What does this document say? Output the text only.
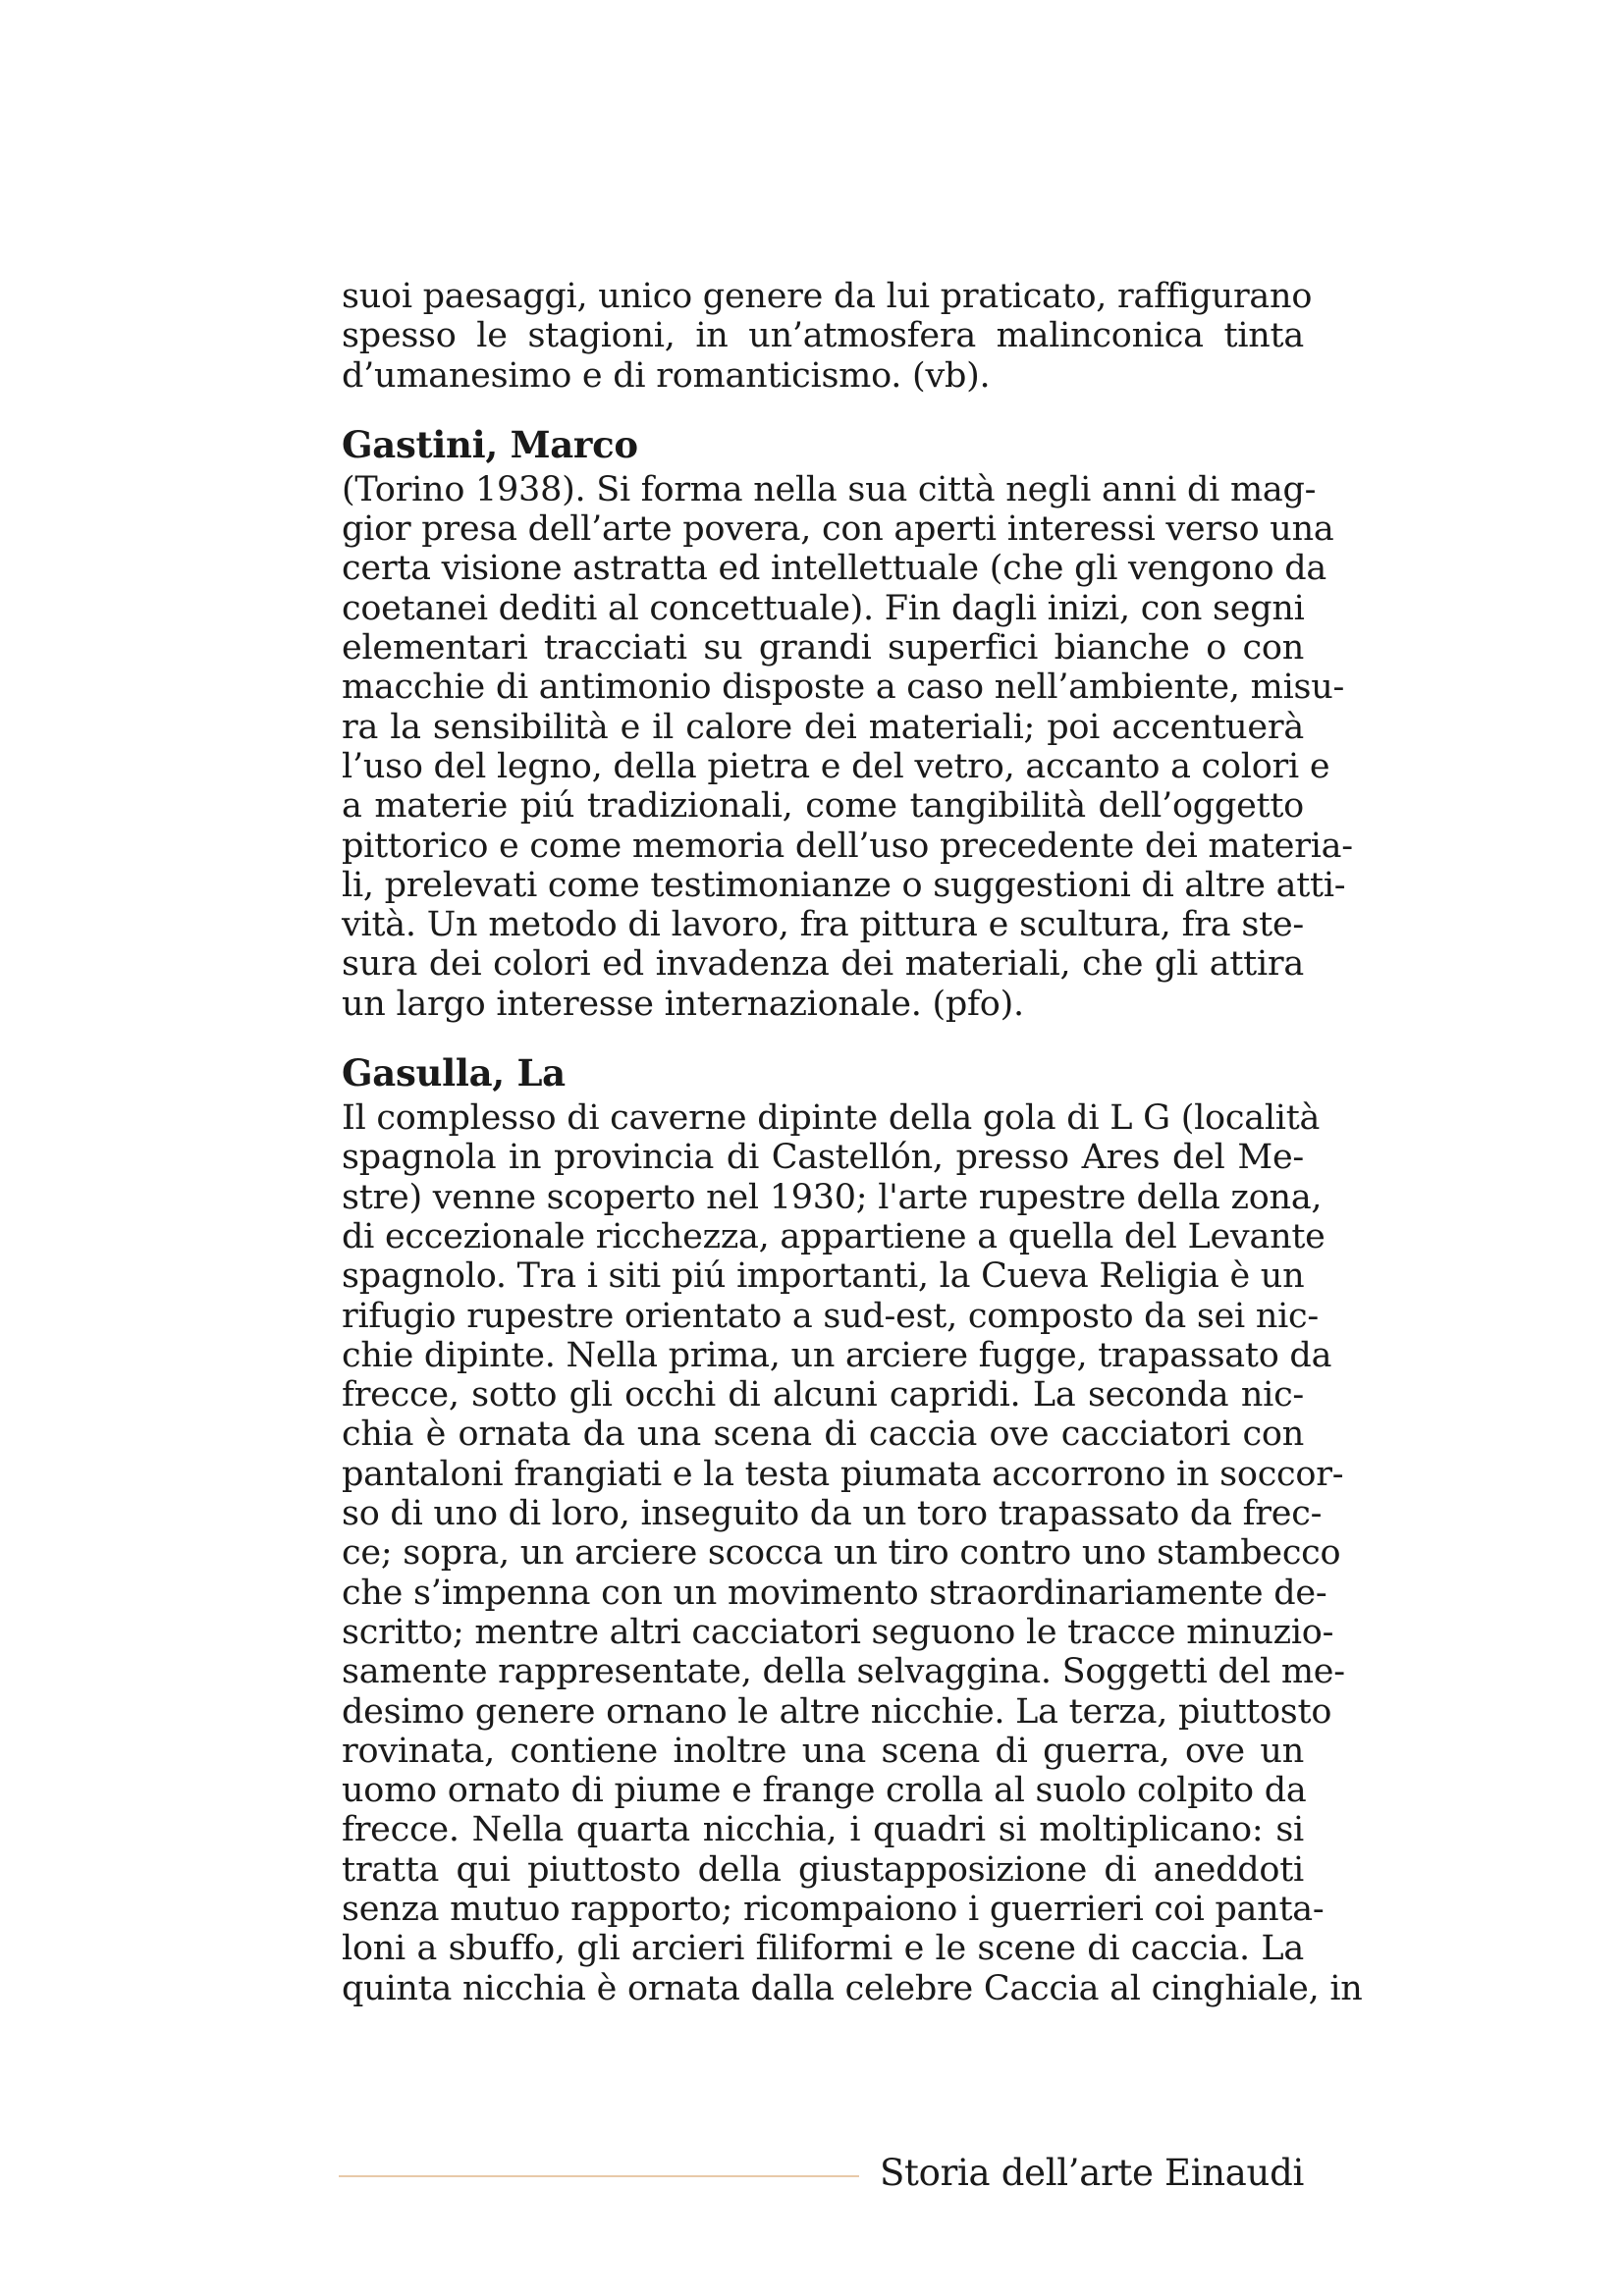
suoi paesaggi, unico genere da lui praticato, raffigurano
spesso le stagioni, in un’atmosfera malinconica tinta
d’umanesimo e di romanticismo. (vb).
Gastini, Marco
(Torino 1938). Si forma nella sua città negli anni di mag-
gior presa dell’arte povera, con aperti interessi verso una
certa visione astratta ed intellettuale (che gli vengono da
coetanei dediti al concettuale). Fin dagli inizi, con segni
elementari tracciati su grandi superfici bianche o con
macchie di antimonio disposte a caso nell’ambiente, misu-
ra la sensibilità e il calore dei materiali; poi accentuerà
l’uso del legno, della pietra e del vetro, accanto a colori e
a materie piú tradizionali, come tangibilità dell’oggetto
pittorico e come memoria dell’uso precedente dei materia-
li, prelevati come testimonianze o suggestioni di altre atti-
vità. Un metodo di lavoro, fra pittura e scultura, fra ste-
sura dei colori ed invadenza dei materiali, che gli attira
un largo interesse internazionale. (pfo).
Gasulla, La
Il complesso di caverne dipinte della gola di L G (località
spagnola in provincia di Castellón, presso Ares del Me-
stre) venne scoperto nel 1930; l'arte rupestre della zona,
di eccezionale ricchezza, appartiene a quella del Levante
spagnolo. Tra i siti piú importanti, la Cueva Religia è un
rifugio rupestre orientato a sud-est, composto da sei nic-
chie dipinte. Nella prima, un arciere fugge, trapassato da
frecce, sotto gli occhi di alcuni capridi. La seconda nic-
chia è ornata da una scena di caccia ove cacciatori con
pantaloni frangiati e la testa piumata accorrono in soccor-
so di uno di loro, inseguito da un toro trapassato da frec-
ce; sopra, un arciere scocca un tiro contro uno stambecco
che s’impenna con un movimento straordinariamente de-
scritto; mentre altri cacciatori seguono le tracce minuzio-
samente rappresentate, della selvaggina. Soggetti del me-
desimo genere ornano le altre nicchie. La terza, piuttosto
rovinata, contiene inoltre una scena di guerra, ove un
uomo ornato di piume e frange crolla al suolo colpito da
frecce. Nella quarta nicchia, i quadri si moltiplicano: si
tratta qui piuttosto della giustapposizione di aneddoti
senza mutuo rapporto; ricompaiono i guerrieri coi panta-
loni a sbuffo, gli arcieri filiformi e le scene di caccia. La
quinta nicchia è ornata dalla celebre Caccia al cinghiale, in
Storia dell’arte Einaudi
